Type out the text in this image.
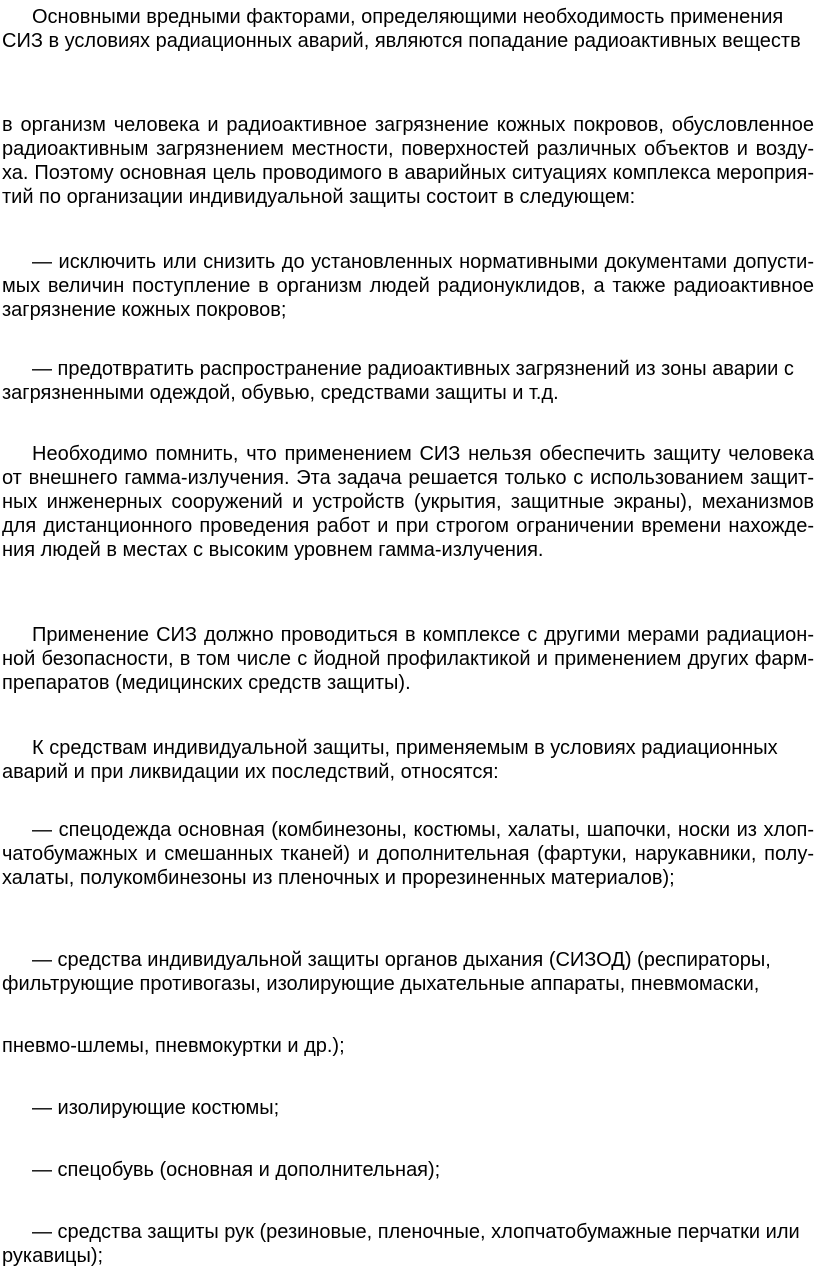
Основными вредными факторами, определяющими необходимость применения СИЗ в условиях радиационных аварий, являются попадание радиоактивных веществ

в организм человека и радиоактивное загрязнение кожных покровов, обусловленное радиоактивным загрязнением местности, поверхностей различных объектов и возду-ха. Поэтому основная цель проводимого в аварийных ситуациях комплекса мероприя-тий по организации индивидуальной защиты состоит в следующем:

— исключить или снизить до установленных нормативными документами допусти-мых величин поступление в организм людей радионуклидов, а также радиоактивное загрязнение кожных покровов;

— предотвратить распространение радиоактивных загрязнений из зоны аварии с загрязненными одеждой, обувью, средствами защиты и т.д.

Необходимо помнить, что применением СИЗ нельзя обеспечить защиту человека от внешнего гамма-излучения. Эта задача решается только с использованием защит-ных инженерных сооружений и устройств (укрытия, защитные экраны), механизмов для дистанционного проведения работ и при строгом ограничении времени нахожде-ния людей в местах с высоким уровнем гамма-излучения.

Применение СИЗ должно проводиться в комплексе с другими мерами радиацион-ной безопасности, в том числе с йодной профилактикой и применением других фарм-препаратов (медицинских средств защиты).

К средствам индивидуальной защиты, применяемым в условиях радиационных аварий и при ликвидации их последствий, относятся:

— спецодежда основная (комбинезоны, костюмы, халаты, шапочки, носки из хлоп-чатобумажных и смешанных тканей) и дополнительная (фартуки, нарукавники, полу-халаты, полукомбинезоны из пленочных и прорезиненных материалов);

— средства индивидуальной защиты органов дыхания (СИЗОД) (респираторы, фильтрующие противогазы, изолирующие дыхательные аппараты, пневмомаски,

пневмо-шлемы, пневмокуртки и др.);

— изолирующие костюмы;

— спецобувь (основная и дополнительная);

— средства защиты рук (резиновые, пленочные, хлопчатобумажные перчатки или рукавицы);
